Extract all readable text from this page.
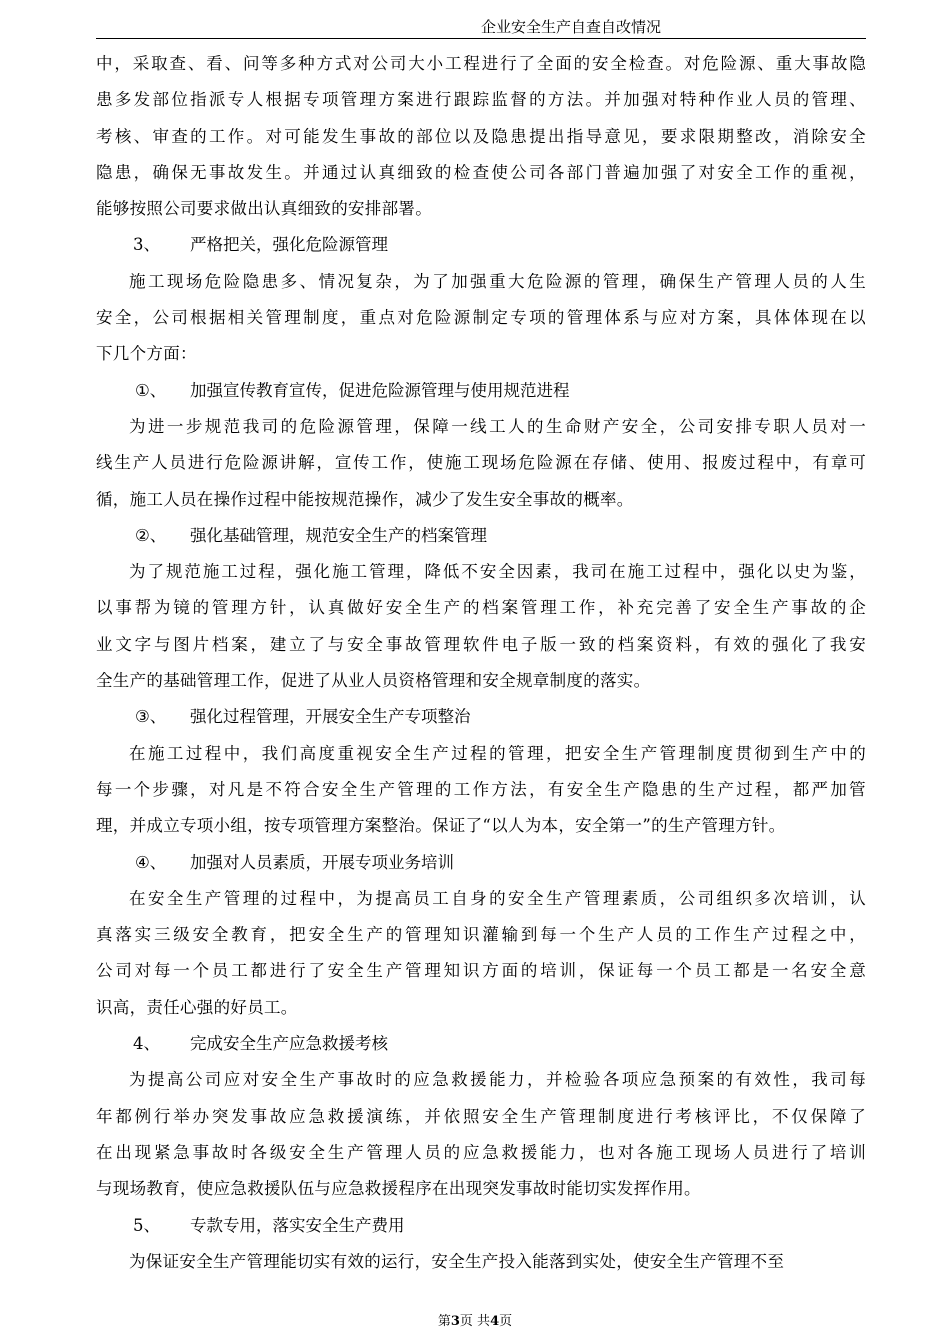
企业安全生产自查自改情况
中，采取查、看、问等多种方式对公司大小工程进行了全面的安全检查。对危险源、重大事故隐
患多发部位指派专人根据专项管理方案进行跟踪监督的方法。并加强对特种作业人员的管理、
考核、审查的工作。对可能发生事故的部位以及隐患提出指导意见，要求限期整改，消除安全
隐患，确保无事故发生。并通过认真细致的检查使公司各部门普遍加强了对安全工作的重视，
能够按照公司要求做出认真细致的安排部署。
3、 严格把关，强化危险源管理
施工现场危险隐患多、情况复杂，为了加强重大危险源的管理，确保生产管理人员的人生
安全，公司根据相关管理制度，重点对危险源制定专项的管理体系与应对方案，具体体现在以
下几个方面：
①、 加强宣传教育宣传，促进危险源管理与使用规范进程
为进一步规范我司的危险源管理，保障一线工人的生命财产安全，公司安排专职人员对一
线生产人员进行危险源讲解，宣传工作，使施工现场危险源在存储、使用、报废过程中，有章可
循，施工人员在操作过程中能按规范操作，减少了发生安全事故的概率。
②、 强化基础管理，规范安全生产的档案管理
为了规范施工过程，强化施工管理，降低不安全因素，我司在施工过程中，强化以史为鉴，
以事帮为镜的管理方针，认真做好安全生产的档案管理工作，补充完善了安全生产事故的企
业文字与图片档案，建立了与安全事故管理软件电子版一致的档案资料，有效的强化了我安
全生产的基础管理工作，促进了从业人员资格管理和安全规章制度的落实。
③、 强化过程管理，开展安全生产专项整治
在施工过程中，我们高度重视安全生产过程的管理，把安全生产管理制度贯彻到生产中的
每一个步骤，对凡是不符合安全生产管理的工作方法，有安全生产隐患的生产过程，都严加管
理，并成立专项小组，按专项管理方案整治。保证了“以人为本，安全第一”的生产管理方针。
④、 加强对人员素质，开展专项业务培训
在安全生产管理的过程中，为提高员工自身的安全生产管理素质，公司组织多次培训，认
真落实三级安全教育，把安全生产的管理知识灌输到每一个生产人员的工作生产过程之中，
公司对每一个员工都进行了安全生产管理知识方面的培训，保证每一个员工都是一名安全意
识高，责任心强的好员工。
4、 完成安全生产应急救援考核
为提高公司应对安全生产事故时的应急救援能力，并检验各项应急预案的有效性，我司每
年都例行举办突发事故应急救援演练，并依照安全生产管理制度进行考核评比，不仅保障了
在出现紧急事故时各级安全生产管理人员的应急救援能力，也对各施工现场人员进行了培训
与现场教育，使应急救援队伍与应急救援程序在出现突发事故时能切实发挥作用。
5、 专款专用，落实安全生产费用
为保证安全生产管理能切实有效的运行，安全生产投入能落到实处，使安全生产管理不至
第3页 共4页
